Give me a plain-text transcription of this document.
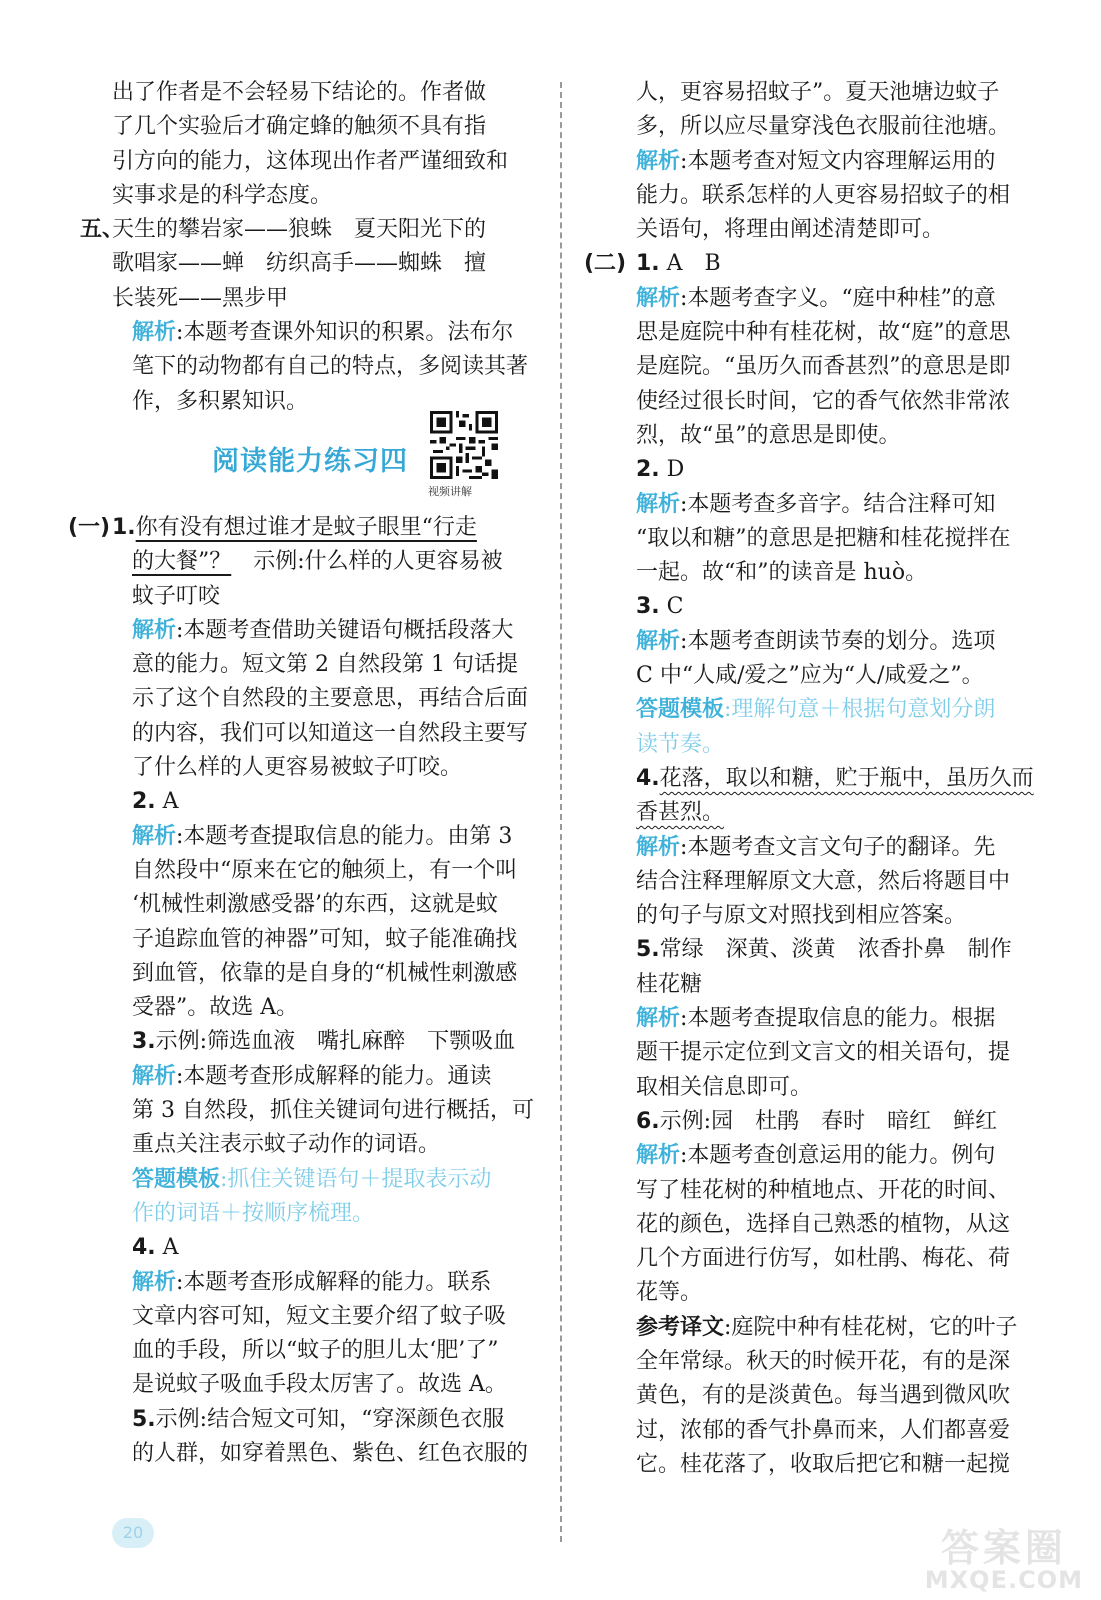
出了作者是不会轻易下结论的。作者做
了几个实验后才确定蜂的触须不具有指
引方向的能力，这体现出作者严谨细致和
实事求是的科学态度。
五、
天生的攀岩家——狼蛛　夏天阳光下的
歌唱家——蝉　纺织高手——蜘蛛　擅
长装死——黑步甲
解析:本题考查课外知识的积累。法布尔
笔下的动物都有自己的特点，多阅读其著
作，多积累知识。
阅读能力练习四
视频讲解
(一) 1.你有没有想过谁才是蚊子眼里“行走
的大餐”？　示例:什么样的人更容易被
蚊子叮咬
解析:本题考查借助关键语句概括段落大
意的能力。短文第 2 自然段第 1 句话提
示了这个自然段的主要意思，再结合后面
的内容，我们可以知道这一自然段主要写
了什么样的人更容易被蚊子叮咬。
2. A
解析:本题考查提取信息的能力。由第 3
自然段中“原来在它的触须上，有一个叫
‘机械性刺激感受器’的东西，这就是蚊
子追踪血管的神器”可知，蚊子能准确找
到血管，依靠的是自身的“机械性刺激感
受器”。故选 A。
3.示例:筛选血液　嘴扎麻醉　下颚吸血
解析:本题考查形成解释的能力。通读
第 3 自然段，抓住关键词句进行概括，可
重点关注表示蚊子动作的词语。
答题模板:抓住关键语句＋提取表示动
作的词语＋按顺序梳理。
4. A
解析:本题考查形成解释的能力。联系
文章内容可知，短文主要介绍了蚊子吸
血的手段，所以“蚊子的胆儿太‘肥’了”
是说蚊子吸血手段太厉害了。故选 A。
5.示例:结合短文可知，“穿深颜色衣服
的人群，如穿着黑色、紫色、红色衣服的
人，更容易招蚊子”。夏天池塘边蚊子
多，所以应尽量穿浅色衣服前往池塘。
解析:本题考查对短文内容理解运用的
能力。联系怎样的人更容易招蚊子的相
关语句，将理由阐述清楚即可。
(二) 1. A　B
解析:本题考查字义。“庭中种桂”的意
思是庭院中种有桂花树，故“庭”的意思
是庭院。“虽历久而香甚烈”的意思是即
使经过很长时间，它的香气依然非常浓
烈，故“虽”的意思是即使。
2. D
解析:本题考查多音字。结合注释可知
“取以和糖”的意思是把糖和桂花搅拌在
一起。故“和”的读音是 huò。
3. C
解析:本题考查朗读节奏的划分。选项
C 中“人咸/爱之”应为“人/咸爱之”。
答题模板:理解句意＋根据句意划分朗
读节奏。
4.花落，取以和糖，贮于瓶中，虽历久而
香甚烈。
解析:本题考查文言文句子的翻译。先
结合注释理解原文大意，然后将题目中
的句子与原文对照找到相应答案。
5.常绿　深黄、淡黄　浓香扑鼻　制作
桂花糖
解析:本题考查提取信息的能力。根据
题干提示定位到文言文的相关语句，提
取相关信息即可。
6.示例:园　杜鹃　春时　暗红　鲜红
解析:本题考查创意运用的能力。例句
写了桂花树的种植地点、开花的时间、
花的颜色，选择自己熟悉的植物，从这
几个方面进行仿写，如杜鹃、梅花、荷
花等。
参考译文:庭院中种有桂花树，它的叶子
全年常绿。秋天的时候开花，有的是深
黄色，有的是淡黄色。每当遇到微风吹
过，浓郁的香气扑鼻而来，人们都喜爱
它。桂花落了，收取后把它和糖一起搅
20	答案圈
MXQE.COM
